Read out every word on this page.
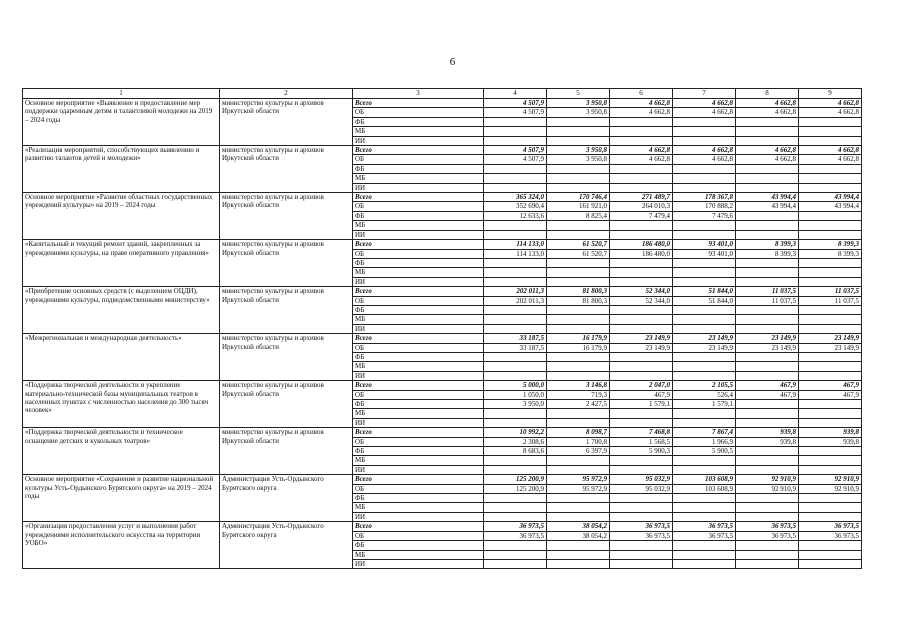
6
1	2	3	4	5	6	7	8	9
Основное мероприятие «Выявление и предоставление мер поддержки одаренным детям и талантливой молодежи на 2019 – 2024 годы	министерство культуры и архивов Иркутской области	Всего	4 507,9	3 950,8	4 662,8	4 662,8	4 662,8	4 662,8
		ОБ	4 507,9	3 950,8	4 662,8	4 662,8	4 662,8	4 662,8
		ФБ						
		МБ						
		ИИ						
«Реализация мероприятий, способствующих выявлению и развитию талантов детей и молодежи»	министерство культуры и архивов Иркутской области	Всего	4 507,9	3 950,8	4 662,8	4 662,8	4 662,8	4 662,8
		ОБ	4 507,9	3 950,8	4 662,8	4 662,8	4 662,8	4 662,8
		ФБ						
		МБ						
		ИИ						
Основное мероприятие «Развитие областных государственных учреждений культуры» на 2019 – 2024 годы	министерство культуры и архивов Иркутской области	Всего	365 324,0	170 746,4	271 489,7	178 367,8	43 994,4	43 994,4
		ОБ	352 690,4	161 921,0	264 010,3	170 888,2	43 994,4	43 994,4
		ФБ	12 633,6	8 825,4	7 479,4	7 479,6		
		МБ						
		ИИ						
«Капитальный и текущий ремонт зданий, закрепленных за учреждениями культуры, на праве оперативного управления»	министерство культуры и архивов Иркутской области	Всего	114 133,0	61 520,7	186 480,0	93 401,0	8 399,3	8 399,3
		ОБ	114 133,0	61 520,7	186 480,0	93 401,0	8 399,3	8 399,3
		ФБ						
		МБ						
		ИИ						
«Приобретение основных средств (с выделением ОЦДИ), учреждениями культуры, подведомственными министерству»	министерство культуры и архивов Иркутской области	Всего	202 011,3	81 800,3	52 344,0	51 844,0	11 037,5	11 037,5
		ОБ	202 011,3	81 800,3	52 344,0	51 844,0	11 037,5	11 037,5
		ФБ						
		МБ						
		ИИ						
«Межрегиональная и международная деятельность»	министерство культуры и архивов Иркутской области	Всего	33 187,5	16 179,9	23 149,9	23 149,9	23 149,9	23 149,9
		ОБ	33 187,5	16 179,9	23 149,9	23 149,9	23 149,9	23 149,9
		ФБ						
		МБ						
		ИИ						
«Поддержка творческой деятельности и укрепление материально-технической базы муниципальных театров в населенных пунктах с численностью населения до 300 тысяч человек»	министерство культуры и архивов Иркутской области	Всего	5 000,0	3 146,8	2 047,0	2 105,5	467,9	467,9
		ОБ	1 050,0	719,3	467,9	526,4	467,9	467,9
		ФБ	3 950,0	2 427,5	1 579,1	1 579,1		
		МБ						
		ИИ						
«Поддержка творческой деятельности и техническое оснащение детских и кукольных театров»	министерство культуры и архивов Иркутской области	Всего	10 992,2	8 098,7	7 468,8	7 867,4	939,8	939,8
		ОБ	2 308,6	1 700,8	1 568,5	1 966,9	939,8	939,8
		ФБ	8 683,6	6 397,9	5 900,3	5 900,5		
		МБ						
		ИИ						
Основное мероприятие «Сохранение и развитие национальной культуры Усть-Ордынского Бурятского округа» на 2019 – 2024 годы	Администрация Усть-Ордынского Бурятского округа	Всего	125 200,9	95 972,9	95 032,9	103 608,9	92 910,9	92 910,9
		ОБ	125 200,9	95 972,9	95 032,9	103 608,9	92 910,9	92 910,9
		ФБ						
		МБ						
		ИИ						
«Организация предоставления услуг и выполнения работ учреждениями исполнительского искусства на территории УОБО»	Администрация Усть-Ордынского Бурятского округа	Всего	36 973,5	38 054,2	36 973,5	36 973,5	36 973,5	36 973,5
		ОБ	36 973,5	38 054,2	36 973,5	36 973,5	36 973,5	36 973,5
		ФБ						
		МБ						
		ИИ						
